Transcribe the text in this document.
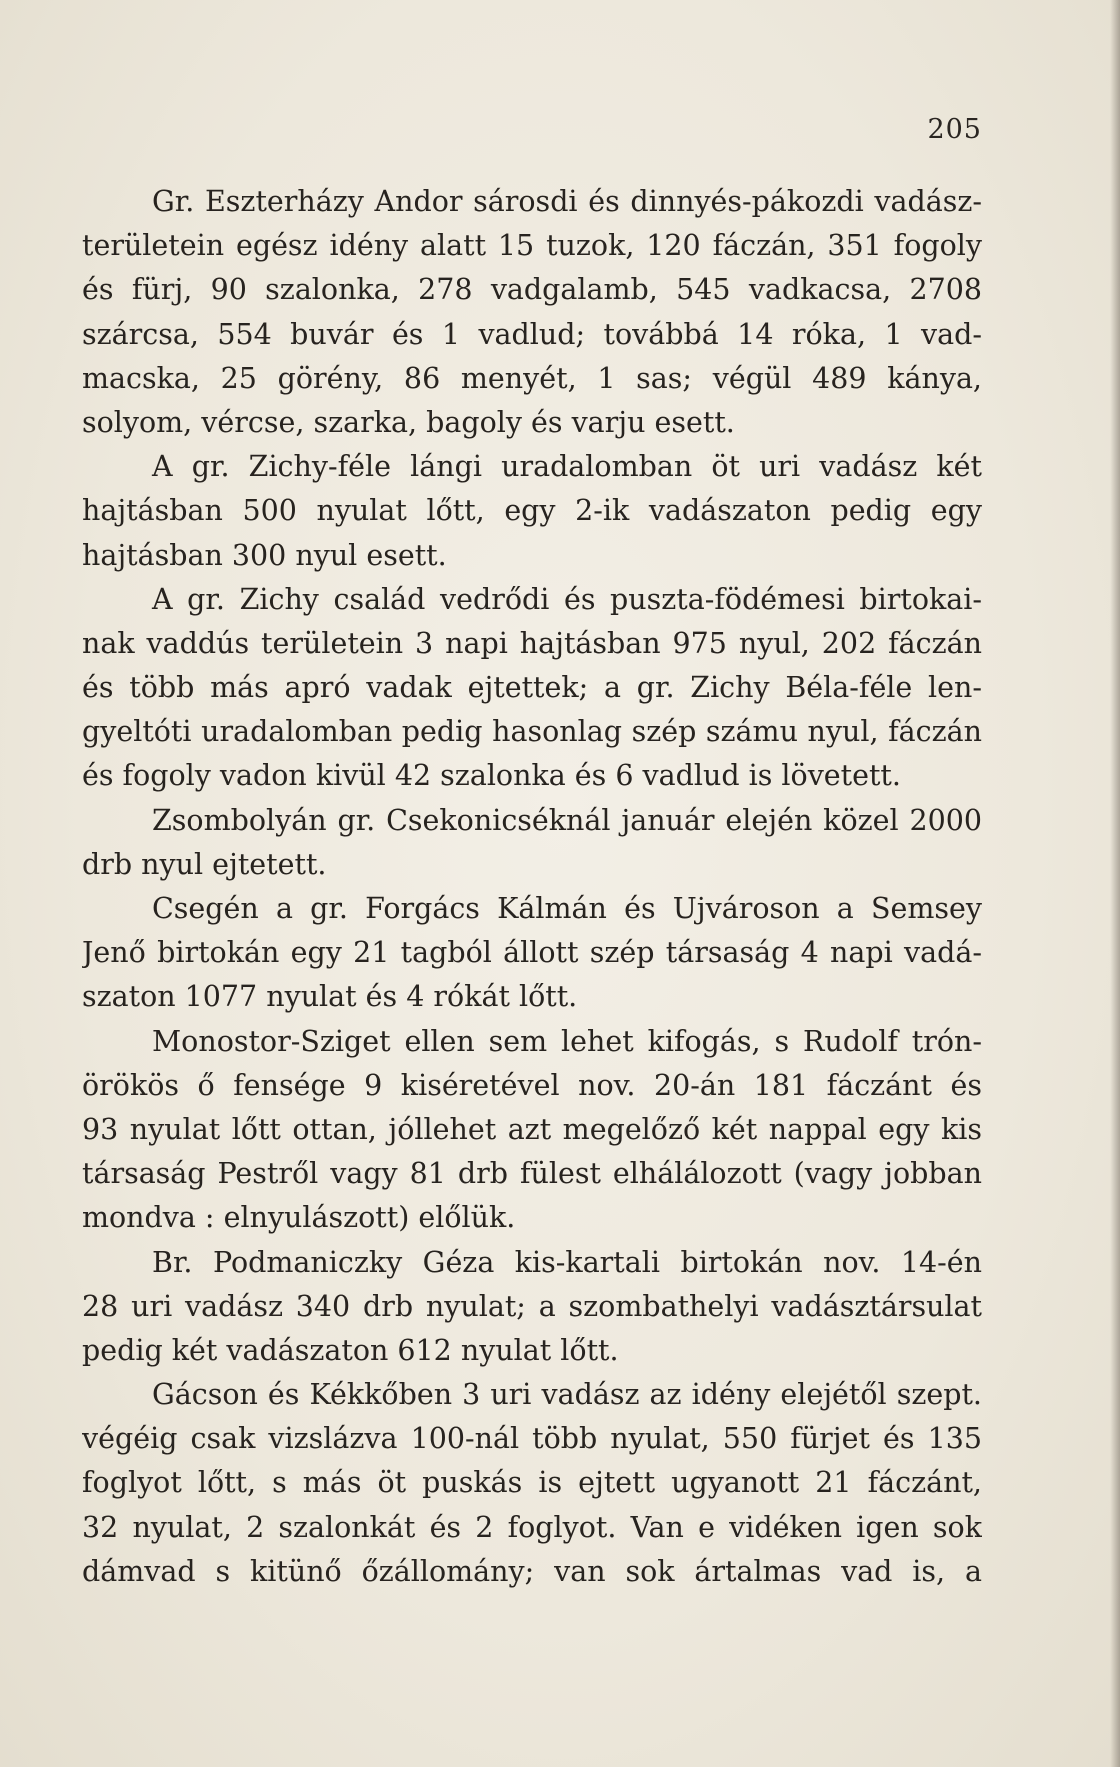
205
Gr. Eszterházy Andor sárosdi és dinnyés-pákozdi vadász-
területein egész idény alatt 15 tuzok, 120 fáczán, 351 fogoly
és fürj, 90 szalonka, 278 vadgalamb, 545 vadkacsa, 2708
szárcsa, 554 buvár és 1 vadlud; továbbá 14 róka, 1 vad-
macska, 25 görény, 86 menyét, 1 sas; végül 489 kánya,
solyom, vércse, szarka, bagoly és varju esett.
A gr. Zichy-féle lángi uradalomban öt uri vadász két
hajtásban 500 nyulat lőtt, egy 2-ik vadászaton pedig egy
hajtásban 300 nyul esett.
A gr. Zichy család vedrődi és puszta-födémesi birtokai-
nak vaddús területein 3 napi hajtásban 975 nyul, 202 fáczán
és több más apró vadak ejtettek; a gr. Zichy Béla-féle len-
gyeltóti uradalomban pedig hasonlag szép számu nyul, fáczán
és fogoly vadon kivül 42 szalonka és 6 vadlud is lövetett.
Zsombolyán gr. Csekonicséknál január elején közel 2000
drb nyul ejtetett.
Csegén a gr. Forgács Kálmán és Ujvároson a Semsey
Jenő birtokán egy 21 tagból állott szép társaság 4 napi vadá-
szaton 1077 nyulat és 4 rókát lőtt.
Monostor-Sziget ellen sem lehet kifogás, s Rudolf trón-
örökös ő fensége 9 kiséretével nov. 20-án 181 fáczánt és
93 nyulat lőtt ottan, jóllehet azt megelőző két nappal egy kis
társaság Pestről vagy 81 drb fülest elhálálozott (vagy jobban
mondva : elnyulászott) előlük.
Br. Podmaniczky Géza kis-kartali birtokán nov. 14-én
28 uri vadász 340 drb nyulat; a szombathelyi vadásztársulat
pedig két vadászaton 612 nyulat lőtt.
Gácson és Kékkőben 3 uri vadász az idény elejétől szept.
végéig csak vizslázva 100-nál több nyulat, 550 fürjet és 135
foglyot lőtt, s más öt puskás is ejtett ugyanott 21 fáczánt,
32 nyulat, 2 szalonkát és 2 foglyot. Van e vidéken igen sok
dámvad s kitünő őzállomány; van sok ártalmas vad is, a
